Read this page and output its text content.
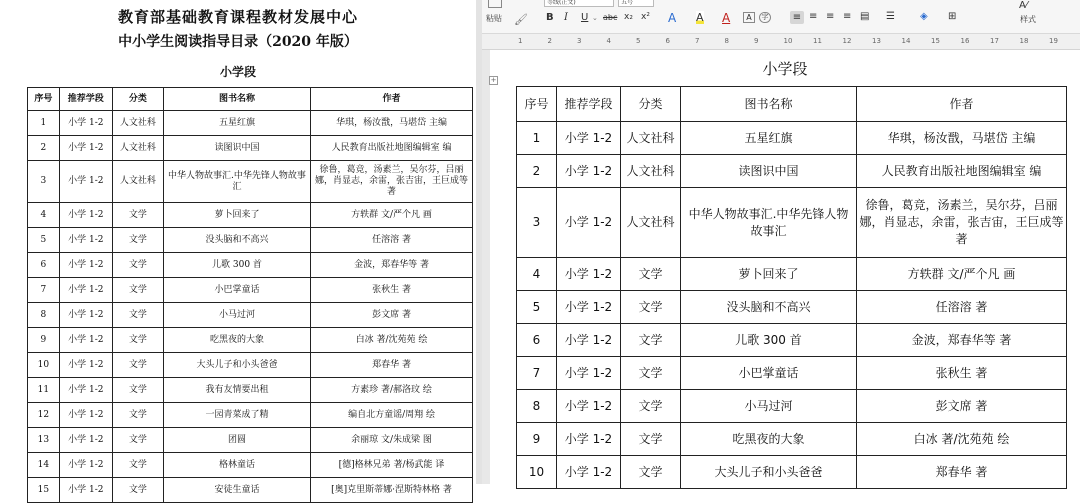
教育部基础教育课程教材发展中心
中小学生阅读指导目录（2020 年版）
小学段
序号	推荐学段	分类	图书名称	作者
1	小学 1-2	人文社科	五星红旗	华琪，杨汝戬，马堪岱 主编
2	小学 1-2	人文社科	读图识中国	人民教育出版社地图编辑室 编
3	小学 1-2	人文社科	中华人物故事汇.中华先锋人物故事汇	徐鲁，葛竞，汤素兰，吴尔芬，吕丽娜，肖显志，余雷，张吉宙，王巨成等 著
4	小学 1-2	文学	萝卜回来了	方轶群 文/严个凡 画
5	小学 1-2	文学	没头脑和不高兴	任溶溶 著
6	小学 1-2	文学	儿歌 300 首	金波，郑春华等 著
7	小学 1-2	文学	小巴掌童话	张秋生 著
8	小学 1-2	文学	小马过河	彭文席 著
9	小学 1-2	文学	吃黑夜的大象	白冰 著/沈苑苑 绘
10	小学 1-2	文学	大头儿子和小头爸爸	郑春华 著
11	小学 1-2	文学	我有友情要出租	方素珍 著/郝洛玟 绘
12	小学 1-2	文学	一园青菜成了精	编自北方童谣/周翔 绘
13	小学 1-2	文学	团圆	余丽琼 文/朱成梁 图
14	小学 1-2	文学	格林童话	[德]格林兄弟 著/杨武能 译
15	小学 1-2	文学	安徒生童话	[奥]克里斯蒂娜·涅斯特林格 著
粘贴 🖌
等线(正文)	五号
B I U ⌄ abc x₂ x² A A A	A	字 ≡ ≡ ≡ ≡ ▤ ☰	◈ ⊞
A⁄
样式
1	2	3	4	5	6	7	8	9	10	11	12	13	14	15	16	17	18	19
小学段
+
序号	推荐学段	分类	图书名称	作者
1	小学 1-2	人文社科	五星红旗	华琪，杨汝戬，马堪岱 主编
2	小学 1-2	人文社科	读图识中国	人民教育出版社地图编辑室 编
3	小学 1-2	人文社科	中华人物故事汇.中华先锋人物故事汇	徐鲁，葛竞，汤素兰，吴尔芬，吕丽娜，肖显志，余雷，张吉宙，王巨成等 著
4	小学 1-2	文学	萝卜回来了	方轶群 文/严个凡 画
5	小学 1-2	文学	没头脑和不高兴	任溶溶 著
6	小学 1-2	文学	儿歌 300 首	金波，郑春华等 著
7	小学 1-2	文学	小巴掌童话	张秋生 著
8	小学 1-2	文学	小马过河	彭文席 著
9	小学 1-2	文学	吃黑夜的大象	白冰 著/沈苑苑 绘
10	小学 1-2	文学	大头儿子和小头爸爸	郑春华 著
